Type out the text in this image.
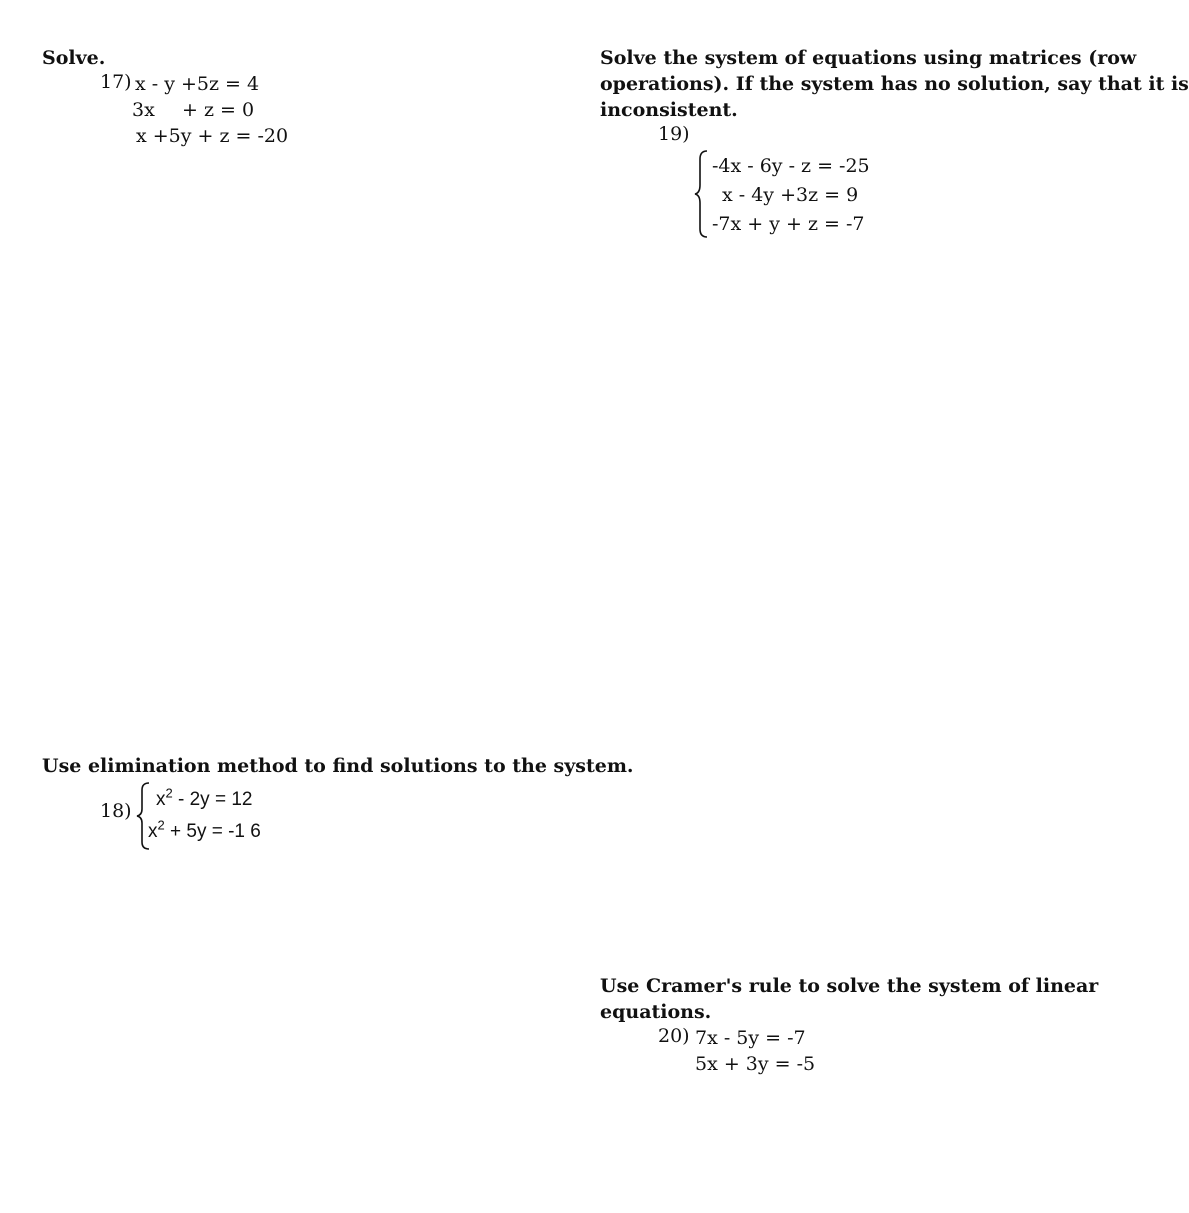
Solve.
17) x - y +5z = 4
3x + z = 0
x +5y + z = -20
Solve the system of equations using matrices (row
operations). If the system has no solution, say that it is
inconsistent.
19)
-4x - 6y - z = -25
x - 4y +3z = 9
-7x + y + z = -7
Use elimination method to find solutions to the system.
18)
$x^2 - 2y = 12$
$x^2 + 5y = -1$ 6
Use Cramer's rule to solve the system of linear
equations.
20) 7x - 5y = -7
5x + 3y = -5
